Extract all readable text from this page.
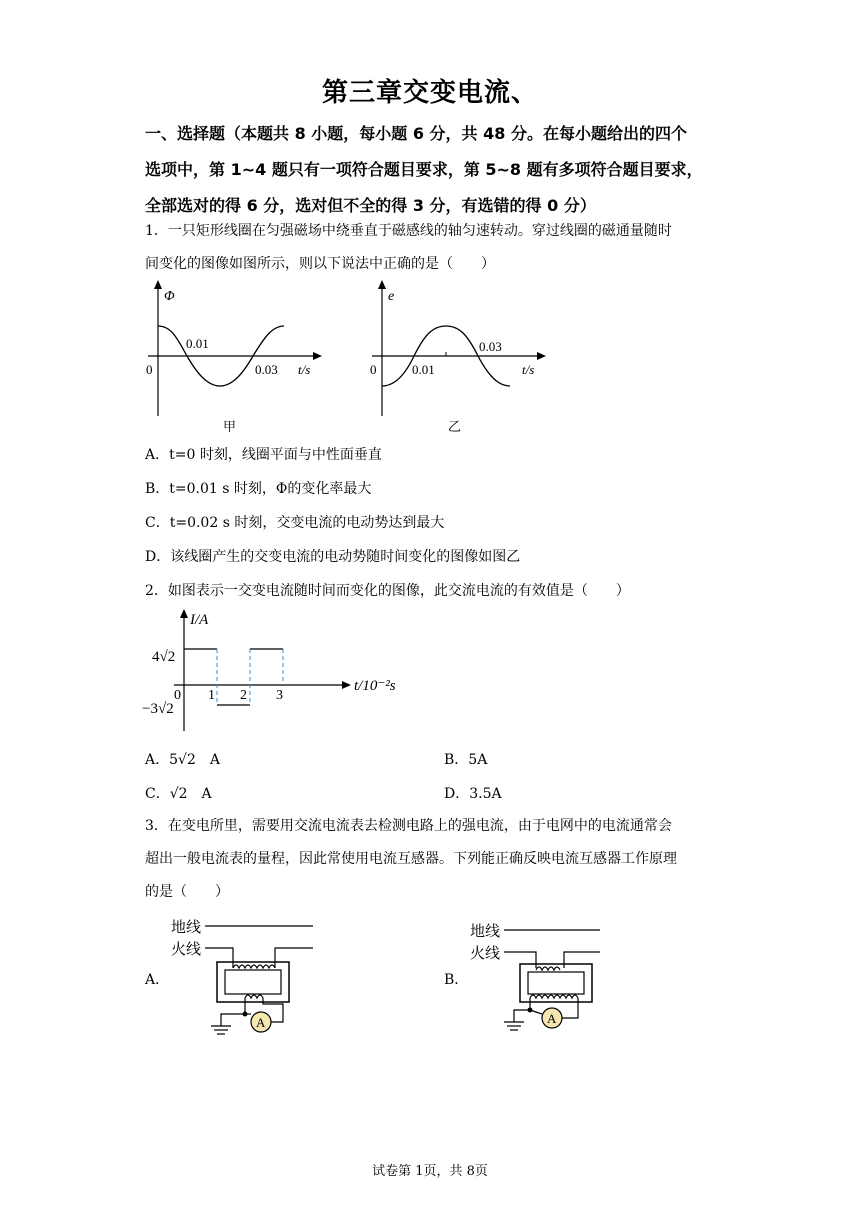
第三章交变电流、
一、选择题（本题共 8 小题，每小题 6 分，共 48 分。在每小题给出的四个
选项中，第 1~4 题只有一项符合题目要求，第 5~8 题有多项符合题目要求，
全部选对的得 6 分，选对但不全的得 3 分，有选错的得 0 分）
1．一只矩形线圈在匀强磁场中绕垂直于磁感线的轴匀速转动。穿过线圈的磁通量随时
间变化的图像如图所示，则以下说法中正确的是（　　）
Φ
0
0.01
0.03 t/s
甲
e
0	0.01
0.03
t/s
乙
A．t=0 时刻，线圈平面与中性面垂直
B．t=0.01 s 时刻，Φ的变化率最大
C．t=0.02 s 时刻，交变电流的电动势达到最大
D．该线圈产生的交变电流的电动势随时间变化的图像如图乙
2．如图表示一交变电流随时间而变化的图像，此交流电流的有效值是（　　）
I/A
4√2
−3√2
0 1 2 3
t/10⁻²s
A．5√2　A	B．5A
C．√2　A	D．3.5A
3．在变电所里，需要用交流电流表去检测电路上的强电流，由于电网中的电流通常会
超出一般电流表的量程，因此常使用电流互感器。下列能正确反映电流互感器工作原理
的是（　　）
A．	B．
地线
火线
A
地线
火线
A
试卷第 1页，共 8页
